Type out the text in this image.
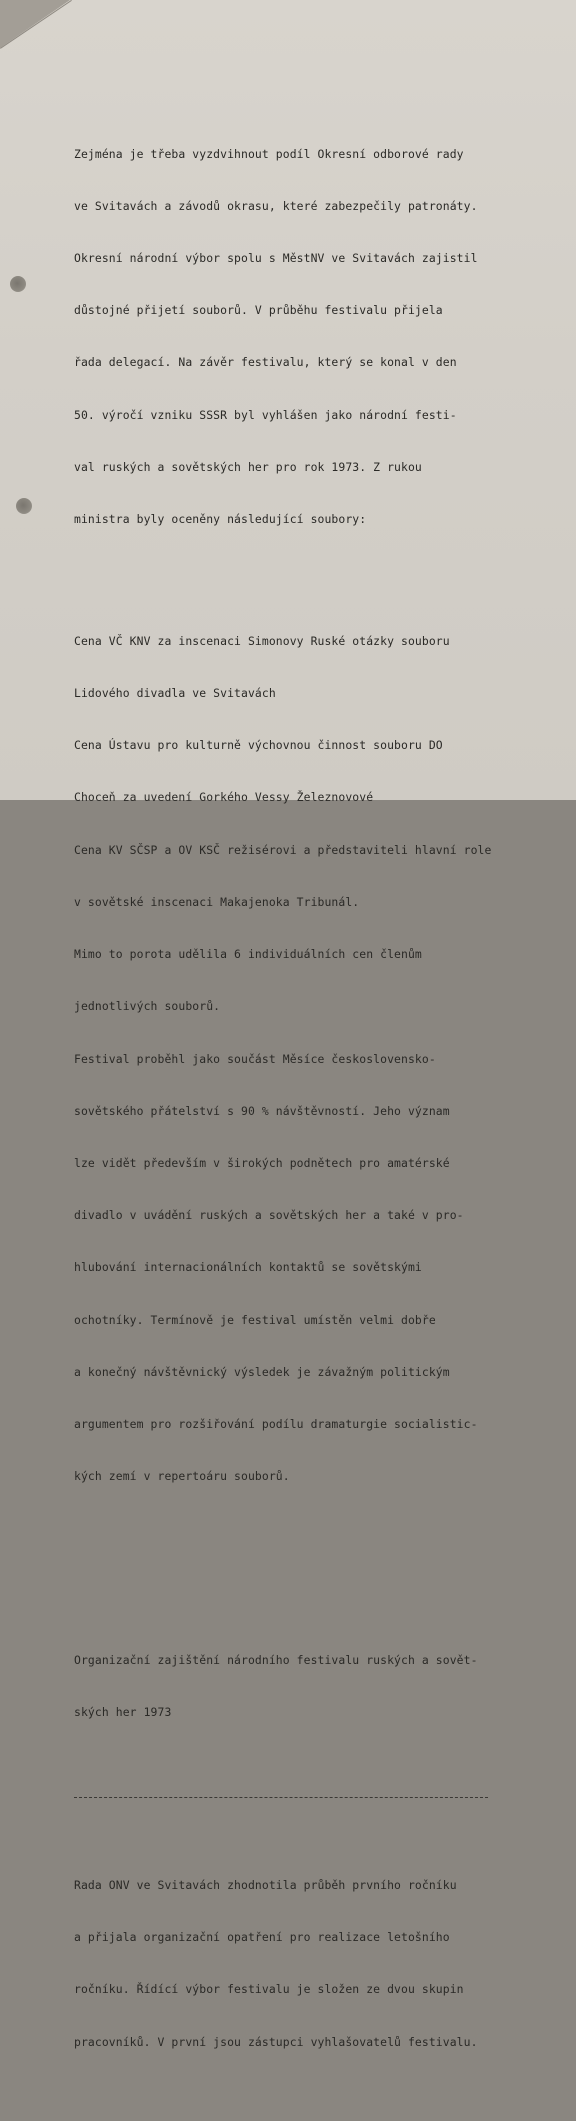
Zejména je třeba vyzdvihnout podíl Okresní odborové rady

ve Svitavách a závodů okrasu, které zabezpečily patronáty.

Okresní národní výbor spolu s MěstNV ve Svitavách zajistil

důstojné přijetí souborů. V průběhu festivalu přijela

řada delegací. Na závěr festivalu, který se konal v den

50. výročí vzniku SSSR byl vyhlášen jako národní festi-

val ruských a sovětských her pro rok 1973. Z rukou

ministra byly oceněny následující soubory:

Cena VČ KNV za inscenaci Simonovy Ruské otázky souboru

Lidového divadla ve Svitavách

Cena Ústavu pro kulturně výchovnou činnost souboru DO

Choceň za uvedení Gorkého Vessy Železnovové

Cena KV SČSP a OV KSČ režisérovi a představiteli hlavní role

v sovětské inscenaci Makajenoka Tribunál.

Mimo to porota udělila 6 individuálních cen členům

jednotlivých souborů.

Festival proběhl jako součást Měsíce československo-

sovětského přátelství s 90 % návštěvností. Jeho význam

lze vidět především v širokých podnětech pro amatérské

divadlo v uvádění ruských a sovětských her a také v pro-

hlubování internacionálních kontaktů se sovětskými

ochotníky. Termínově je festival umístěn velmi dobře

a konečný návštěvnický výsledek je závažným politickým

argumentem pro rozšiřování podílu dramaturgie socialistic-

kých zemí v repertoáru souborů.

Organizační zajištění národního festivalu ruských a sovět-

ských her 1973

Rada ONV ve Svitavách zhodnotila průběh prvního ročníku

a přijala organizační opatření pro realizace letošního

ročníku. Řídící výbor festivalu je složen ze dvou skupin

pracovníků. V první jsou zástupci vyhlašovatelů festivalu.
